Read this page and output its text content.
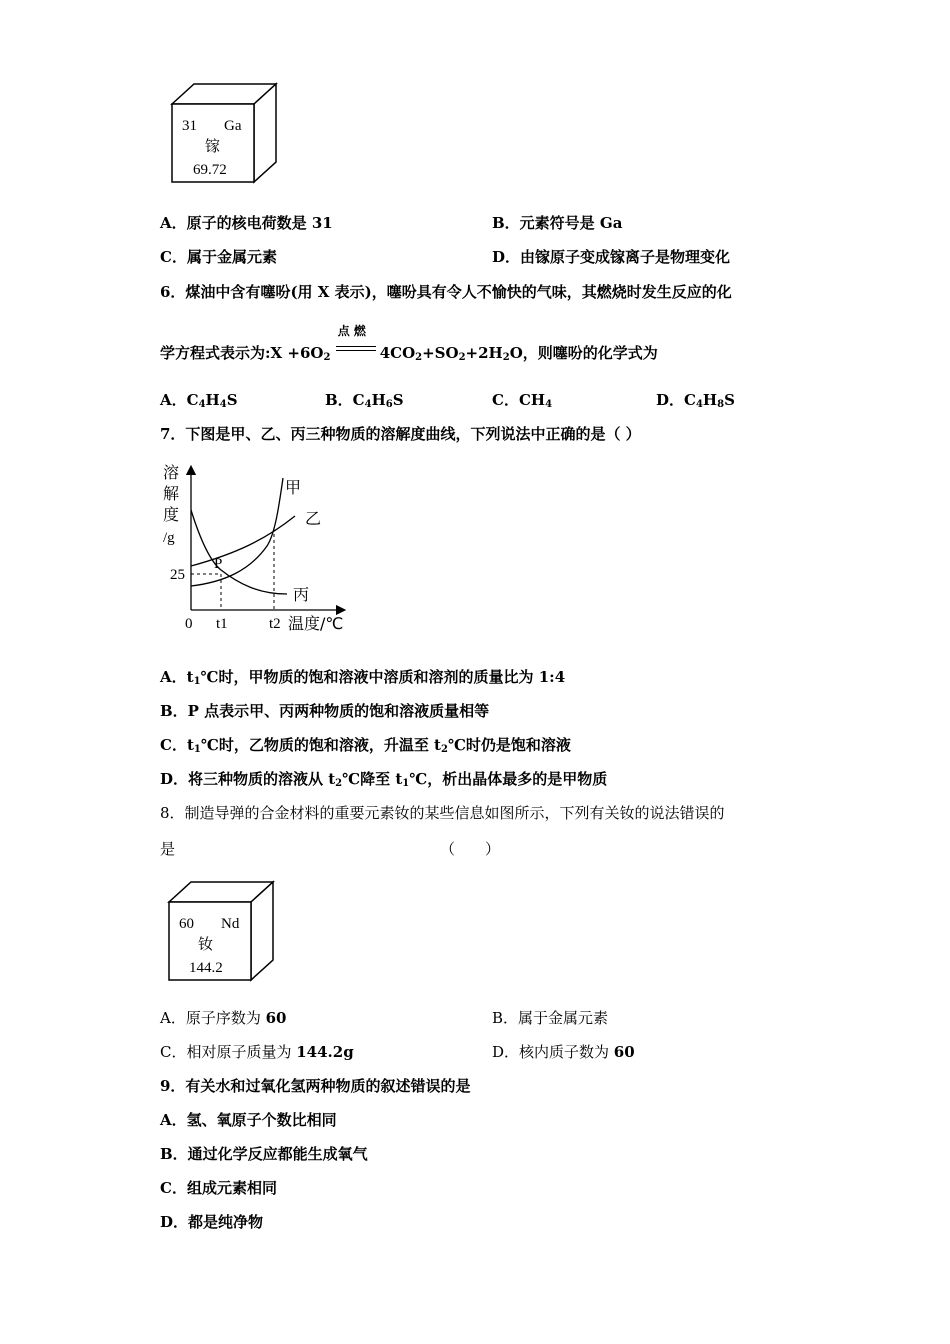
31 Ga
镓
69.72
A．原子的核电荷数是 31	B．元素符号是 Ga
C．属于金属元素	D．由镓原子变成镓离子是物理变化
6．煤油中含有噻吩(用 X 表示)，噻吩具有令人不愉快的气味，其燃烧时发生反应的化
学方程式表示为:X $+6O_2$
点 燃
$4CO_2+SO_2+2H_2O$，则噻吩的化学式为
A．$C_4H_4S$	B．$C_4H_6S$	C．$CH_4$	D．$C_4H_8S$
7．下图是甲、乙、丙三种物质的溶解度曲线，下列说法中正确的是（ ）
溶
解
度
/g
25
P
甲
乙
丙
0 t1	t2 温度/℃
A．$t_1℃$时，甲物质的饱和溶液中溶质和溶剂的质量比为 1:4
B．P 点表示甲、丙两种物质的饱和溶液质量相等
C．$t_1℃$时，乙物质的饱和溶液，升温至 $t_2℃$时仍是饱和溶液
D．将三种物质的溶液从 $t_2℃$降至 $t_1℃$，析出晶体最多的是甲物质
8．制造导弹的合金材料的重要元素钕的某些信息如图所示，下列有关钕的说法错误的
是	（　　）
60 Nd
钕
144.2
A．原子序数为 60	B．属于金属元素
C．相对原子质量为 144.2g	D．核内质子数为 60
9．有关水和过氧化氢两种物质的叙述错误的是
A．氢、氧原子个数比相同
B．通过化学反应都能生成氧气
C．组成元素相同
D．都是纯净物
